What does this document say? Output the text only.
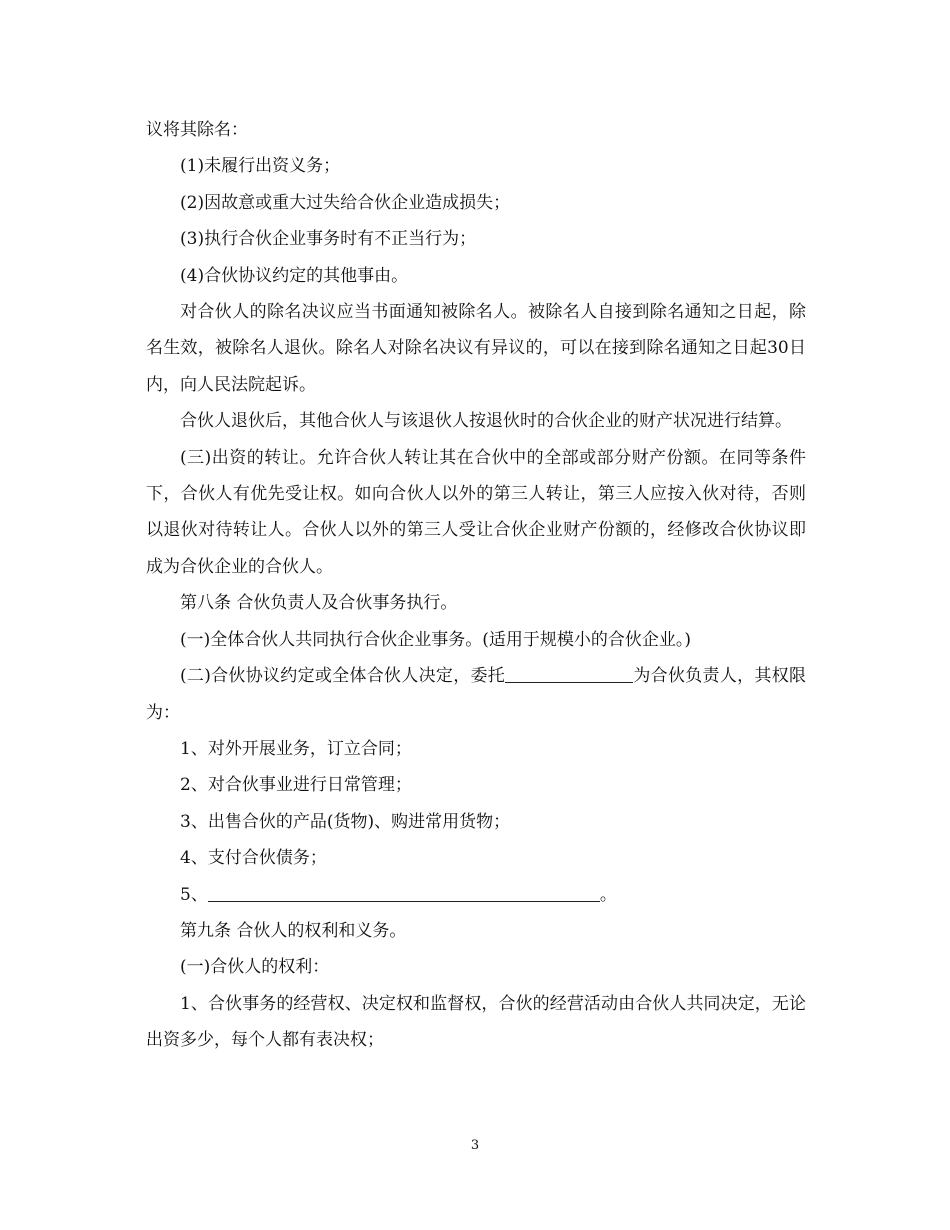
议将其除名：

(1)未履行出资义务；

(2)因故意或重大过失给合伙企业造成损失；

(3)执行合伙企业事务时有不正当行为；

(4)合伙协议约定的其他事由。

对合伙人的除名决议应当书面通知被除名人。被除名人自接到除名通知之日起，除名生效，被除名人退伙。除名人对除名决议有异议的，可以在接到除名通知之日起30日内，向人民法院起诉。

合伙人退伙后，其他合伙人与该退伙人按退伙时的合伙企业的财产状况进行结算。

(三)出资的转让。允许合伙人转让其在合伙中的全部或部分财产份额。在同等条件下，合伙人有优先受让权。如向合伙人以外的第三人转让，第三人应按入伙对待，否则以退伙对待转让人。合伙人以外的第三人受让合伙企业财产份额的，经修改合伙协议即成为合伙企业的合伙人。

第八条 合伙负责人及合伙事务执行。

(一)全体合伙人共同执行合伙企业事务。(适用于规模小的合伙企业。)

(二)合伙协议约定或全体合伙人决定，委托	为合伙负责人，其权限为：

1、对外开展业务，订立合同；

2、对合伙事业进行日常管理；

3、出售合伙的产品(货物)、购进常用货物；

4、支付合伙债务；

5、	。

第九条 合伙人的权利和义务。

(一)合伙人的权利：

1、合伙事务的经营权、决定权和监督权，合伙的经营活动由合伙人共同决定，无论出资多少，每个人都有表决权；

3
